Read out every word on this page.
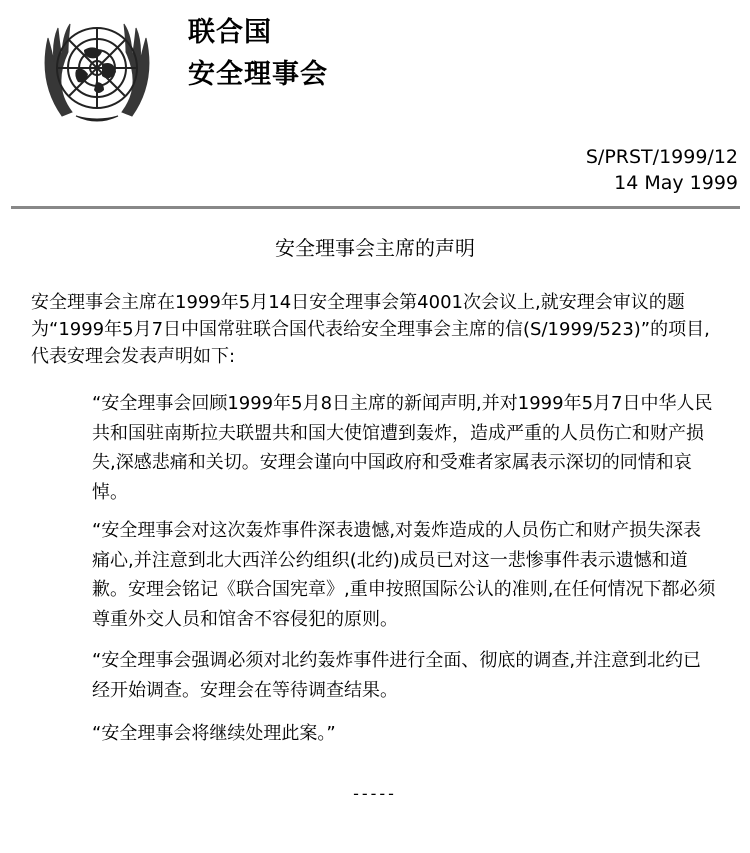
联合国
安全理事会
S/PRST/1999/12
14 May 1999
安全理事会主席的声明

安全理事会主席在1999年5月14日安全理事会第4001次会议上,就安理会审议的题为“1999年5月7日中国常驻联合国代表给安全理事会主席的信(S/1999/523)”的项目,代表安理会发表声明如下:

“安全理事会回顾1999年5月8日主席的新闻声明,并对1999年5月7日中华人民共和国驻南斯拉夫联盟共和国大使馆遭到轰炸，造成严重的人员伤亡和财产损失,深感悲痛和关切。安理会谨向中国政府和受难者家属表示深切的同情和哀悼。

“安全理事会对这次轰炸事件深表遗憾,对轰炸造成的人员伤亡和财产损失深表痛心,并注意到北大西洋公约组织(北约)成员已对这一悲惨事件表示遗憾和道歉。安理会铭记《联合国宪章》,重申按照国际公认的准则,在任何情况下都必须尊重外交人员和馆舍不容侵犯的原则。

“安全理事会强调必须对北约轰炸事件进行全面、彻底的调查,并注意到北约已经开始调查。安理会在等待调查结果。

“安全理事会将继续处理此案。”

-----
